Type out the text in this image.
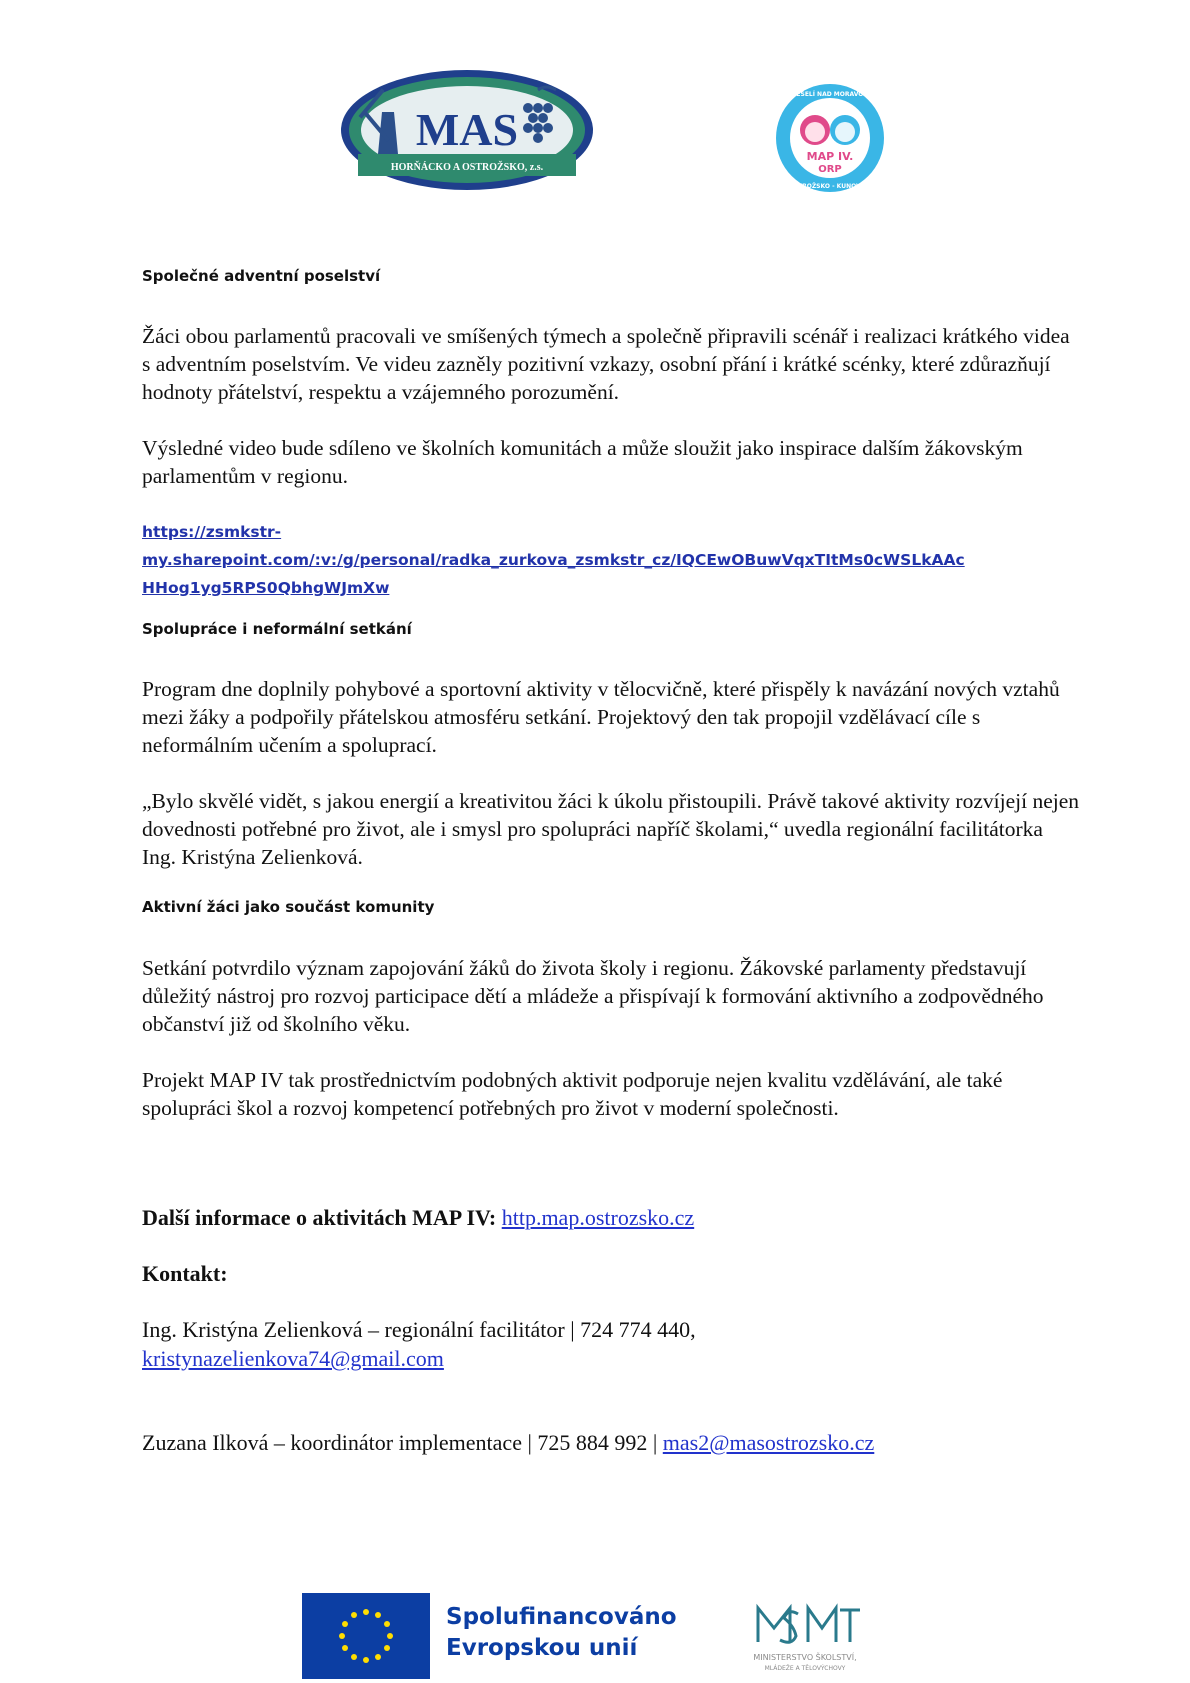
MAS
HORŇÁCKO A OSTROŽSKO, z.s.
MAP IV.
ORP
VESELÍ NAD MORAVOU
OSTROŽSKO - KUNOVICE
Společné adventní poselství

Žáci obou parlamentů pracovali ve smíšených týmech a společně připravili scénář i realizaci krátkého videa s adventním poselstvím. Ve videu zazněly pozitivní vzkazy, osobní přání i krátké scénky, které zdůrazňují hodnoty přátelství, respektu a vzájemného porozumění.

Výsledné video bude sdíleno ve školních komunitách a může sloužit jako inspirace dalším žákovským parlamentům v regionu.

https://zsmkstr-
my.sharepoint.com/:v:/g/personal/radka_zurkova_zsmkstr_cz/IQCEwOBuwVqxTItMs0cWSLkAAc
HHog1yg5RPS0QbhgWJmXw
Spolupráce i neformální setkání

Program dne doplnily pohybové a sportovní aktivity v tělocvičně, které přispěly k navázání nových vztahů mezi žáky a podpořily přátelskou atmosféru setkání. Projektový den tak propojil vzdělávací cíle s neformálním učením a spoluprací.

„Bylo skvělé vidět, s jakou energií a kreativitou žáci k úkolu přistoupili. Právě takové aktivity rozvíjejí nejen dovednosti potřebné pro život, ale i smysl pro spolupráci napříč školami,“ uvedla regionální facilitátorka Ing. Kristýna Zelienková.

Aktivní žáci jako součást komunity

Setkání potvrdilo význam zapojování žáků do života školy i regionu. Žákovské parlamenty představují důležitý nástroj pro rozvoj participace dětí a mládeže a přispívají k formování aktivního a zodpovědného občanství již od školního věku.

Projekt MAP IV tak prostřednictvím podobných aktivit podporuje nejen kvalitu vzdělávání, ale také spolupráci škol a rozvoj kompetencí potřebných pro život v moderní společnosti.

Další informace o aktivitách MAP IV: http.map.ostrozsko.cz
Kontakt:
Ing. Kristýna Zelienková – regionální facilitátor | 724 774 440,
kristynazelienkova74@gmail.com
Zuzana Ilková – koordinátor implementace | 725 884 992 | mas2@masostrozsko.cz
Spolufinancováno
Evropskou unií	MINISTERSTVO ŠKOLSTVÍ,
MLÁDEŽE A TĚLOVÝCHOVY
